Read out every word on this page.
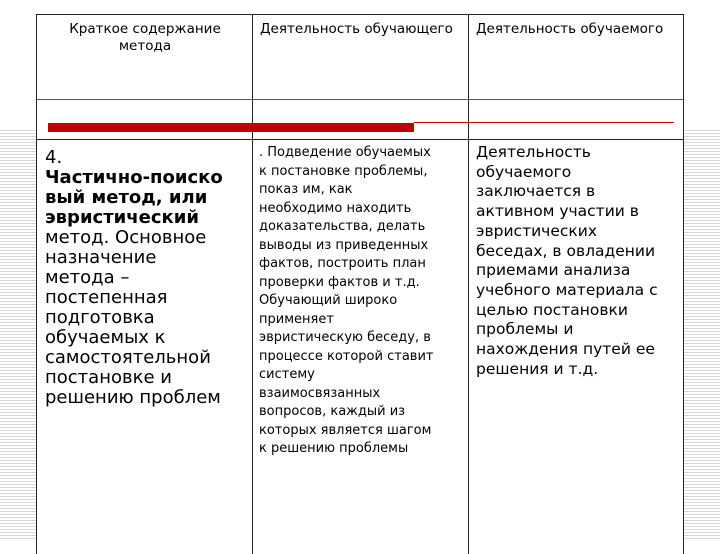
Краткое содержание метода
Деятельность обучающего	Деятельность обучаемого
4.
Частично-поиско
вый метод, или
эвристический
метод. Основное
назначение
метода –
постепенная
подготовка
обучаемых к
самостоятельной
постановке и
решению проблем
. Подведение обучаемых
к постановке проблемы,
показ им, как
необходимо находить
доказательства, делать
выводы из приведенных
фактов, построить план
проверки фактов и т.д.
Обучающий широко
применяет
эвристическую беседу, в
процессе которой ставит
систему
взаимосвязанных
вопросов, каждый из
которых является шагом
к решению проблемы
Деятельность
обучаемого
заключается в
активном участии в
эвристических
беседах, в овладении
приемами анализа
учебного материала с
целью постановки
проблемы и
нахождения путей ее
решения и т.д.
